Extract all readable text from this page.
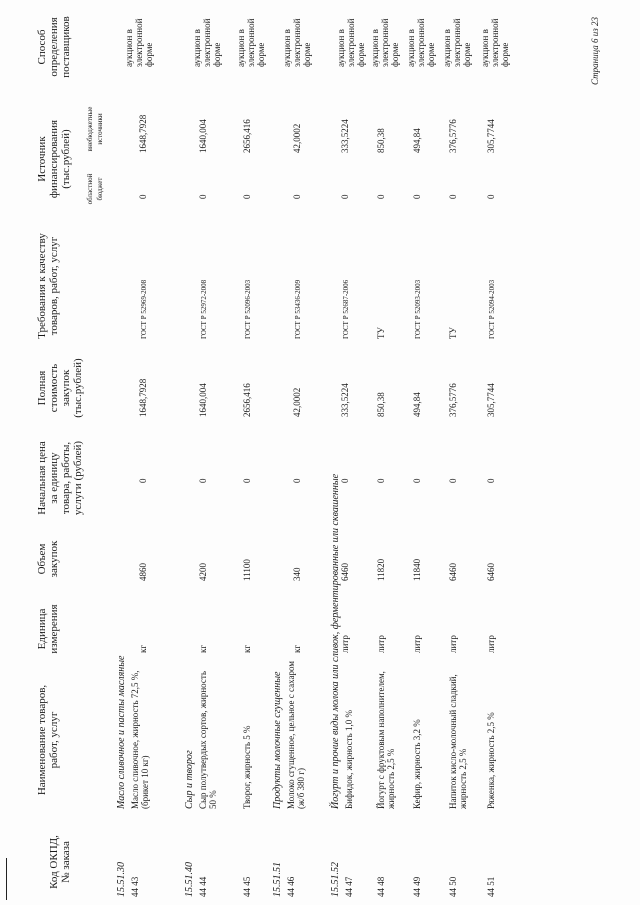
Код ОКПД, № заказа
Наименование товаров, работ, услуг
Единица измерения
Объем закупок
Начальная цена за единицу товара, работы, услуги (рублей)
Полная стоимость закупок (тыс.рублей)
Требования к качеству товаров, работ, услуг
Источник финансирования (тыс.рублей)
областной бюджет
внебюджетные источники
Способ определения поставщиков
15.51.30
Масло сливочное и пасты масляные
15.51.40
Сыр и творог
15.51.51
Продукты молочные сгущенные
15.51.52
Йогурт и прочие виды молока или сливок, ферментированные или сквашенные
44 43
Масло сливочное, жирность 72,5 %, (брикет 10 кг)
кг
4860
0
1648,7928
ГОСТ Р 52969-2008
0
1648,7928
аукцион в электронной форме
44 44
Сыр полутвердых сортов, жирность 50 %
кг
4200
0
1640,004
ГОСТ Р 52972-2008
0
1640,004
аукцион в электронной форме
44 45
Творог, жирность 5 %
кг
11100
0
2656,416
ГОСТ Р 52096-2003
0
2656,416
аукцион в электронной форме
44 46
Молоко сгущенное, цельное с сахаром (ж/б 380 г)
кг
340
0
42,0002
ГОСТ Р 53436-2009
0
42,0002
аукцион в электронной форме
44 47
Бифидок, жирность 1,0 %
литр
6460
0
333,5224
ГОСТ Р 52687-2006
0
333,5224
аукцион в электронной форме
44 48
Йогурт с фруктовым наполнителем, жирность 2,5 %
литр
11820
0
850,38
ТУ
0
850,38
аукцион в электронной форме
44 49
Кефир, жирность 3,2 %
литр
11840
0
494,84
ГОСТ Р 52093-2003
0
494,84
аукцион в электронной форме
44 50
Напиток кисло-молочный сладкий, жирность 2,5 %
литр
6460
0
376,5776
ТУ
0
376,5776
аукцион в электронной форме
44 51
Ряженка, жирность 2,5 %
литр
6460
0
305,7744
ГОСТ Р 52094-2003
0
305,7744
аукцион в электронной форме	Страница 6 из 23
